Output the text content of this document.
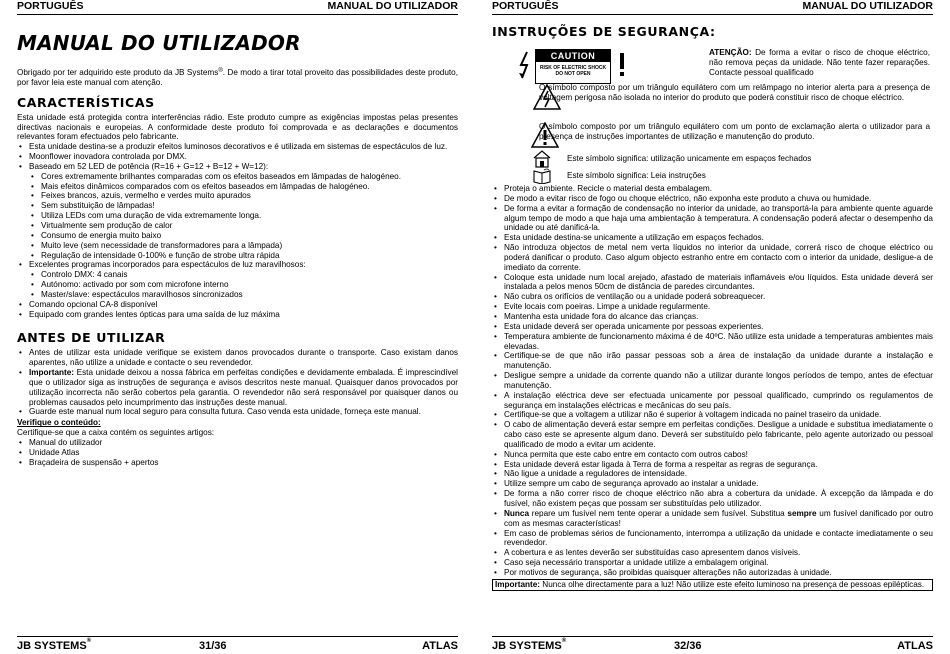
PORTUGUÊS	MANUAL DO UTILIZADOR
MANUAL DO UTILIZADOR

Obrigado por ter adquirido este produto da JB Systems®. De modo a tirar total proveito das possibilidades deste produto, por favor leia este manual com atenção.

CARACTERÍSTICAS

Esta unidade está protegida contra interferências rádio. Este produto cumpre as exigências impostas pelas presentes directivas nacionais e europeias. A conformidade deste produto foi comprovada e as declarações e documentos relevantes foram efectuados pelo fabricante.

• Esta unidade destina-se a produzir efeitos luminosos decorativos e é utilizada em sistemas de espectáculos de luz.
• Moonflower inovadora controlada por DMX.
• Baseado em 52 LED de potência (R=16 + G=12 + B=12 + W=12):
• Cores extremamente brilhantes comparadas com os efeitos baseados em lâmpadas de halogéneo.
• Mais efeitos dinâmicos comparados com os efeitos baseados em lâmpadas de halogéneo.
• Feixes brancos, azuis, vermelho e verdes muito apurados
• Sem substituição de lâmpadas!
• Utiliza LEDs com uma duração de vida extremamente longa.
• Virtualmente sem produção de calor
• Consumo de energia muito baixo
• Muito leve (sem necessidade de transformadores para a lâmpada)
• Regulação de intensidade 0-100% e função de strobe ultra rápida
• Excelentes programas incorporados para espectáculos de luz maravilhosos:
• Controlo DMX: 4 canais
• Autónomo: activado por som com microfone interno
• Master/slave: espectáculos maravilhosos sincronizados
• Comando opcional CA-8 disponível
• Equipado com grandes lentes ópticas para uma saída de luz máxima
ANTES DE UTILIZAR
• Antes de utilizar esta unidade verifique se existem danos provocados durante o transporte. Caso existam danos aparentes, não utilize a unidade e contacte o seu revendedor.
• Importante: Esta unidade deixou a nossa fábrica em perfeitas condições e devidamente embalada. É imprescindível que o utilizador siga as instruções de segurança e avisos descritos neste manual. Quaisquer danos provocados por utilização incorrecta não serão cobertos pela garantia. O revendedor não será responsável por quaisquer danos ou problemas causados pelo incumprimento das instruções deste manual.
• Guarde este manual num local seguro para consulta futura. Caso venda esta unidade, forneça este manual.
Verifique o conteúdo:

Certifique-se que a caixa contém os seguintes artigos:

• Manual do utilizador
• Unidade Atlas
• Braçadeira de suspensão + apertos
JB SYSTEMS®	31/36	ATLAS
PORTUGUÊS	MANUAL DO UTILIZADOR
INSTRUÇÕES DE SEGURANÇA:
CAUTION
RISK OF ELECTRIC SHOCK
DO NOT OPEN
ATENÇÃO: De forma a evitar o risco de choque eléctrico, não remova peças da unidade. Não tente fazer reparações. Contacte pessoal qualificado
O símbolo composto por um triângulo equilátero com um relâmpago no interior alerta para a presença de voltagem perigosa não isolada no interior do produto que poderá constituir risco de choque eléctrico.
O símbolo composto por um triângulo equilátero com um ponto de exclamação alerta o utilizador para a presença de instruções importantes de utilização e manutenção do produto.
Este símbolo significa: utilização unicamente em espaços fechados
Este símbolo significa: Leia instruções
• Proteja o ambiente. Recicle o material desta embalagem.
• De modo a evitar risco de fogo ou choque eléctrico, não exponha este produto a chuva ou humidade.
• De forma a evitar a formação de condensação no interior da unidade, ao transportá-la para ambiente quente aguarde algum tempo de modo a que haja uma ambientação à temperatura. A condensação poderá afectar o desempenho da unidade ou até danificá-la.
• Esta unidade destina-se unicamente a utilização em espaços fechados.
• Não introduza objectos de metal nem verta líquidos no interior da unidade, correrá risco de choque eléctrico ou poderá danificar o produto. Caso algum objecto estranho entre em contacto com o interior da unidade, desligue-a de imediato da corrente.
• Coloque esta unidade num local arejado, afastado de materiais inflamáveis e/ou líquidos. Esta unidade deverá ser instalada a pelos menos 50cm de distância de paredes circundantes.
• Não cubra os orifícios de ventilação ou a unidade poderá sobreaquecer.
• Evite locais com poeiras. Limpe a unidade regularmente.
• Mantenha esta unidade fora do alcance das crianças.
• Esta unidade deverá ser operada unicamente por pessoas experientes.
• Temperatura ambiente de funcionamento máxima é de 40ºC. Não utilize esta unidade a temperaturas ambientes mais elevadas.
• Certifique-se de que não irão passar pessoas sob a área de instalação da unidade durante a instalação e manutenção.
• Desligue sempre a unidade da corrente quando não a utilizar durante longos períodos de tempo, antes de efectuar manutenção.
• A instalação eléctrica deve ser efectuada unicamente por pessoal qualificado, cumprindo os regulamentos de segurança em instalações eléctricas e mecânicas do seu país.
• Certifique-se que a voltagem a utilizar não é superior à voltagem indicada no painel traseiro da unidade.
• O cabo de alimentação deverá estar sempre em perfeitas condições. Desligue a unidade e substitua imediatamente o cabo caso este se apresente algum dano. Deverá ser substituído pelo fabricante, pelo agente autorizado ou pessoal qualificado de modo a evitar um acidente.
• Nunca permita que este cabo entre em contacto com outros cabos!
• Esta unidade deverá estar ligada à Terra de forma a respeitar as regras de segurança.
• Não ligue a unidade a reguladores de intensidade.
• Utilize sempre um cabo de segurança aprovado ao instalar a unidade.
• De forma a não correr risco de choque eléctrico não abra a cobertura da unidade. À excepção da lâmpada e do fusível, não existem peças que possam ser substituídas pelo utilizador.
• Nunca repare um fusível nem tente operar a unidade sem fusível. Substitua sempre um fusível danificado por outro com as mesmas características!
• Em caso de problemas sérios de funcionamento, interrompa a utilização da unidade e contacte imediatamente o seu revendedor.
• A cobertura e as lentes deverão ser substituídas caso apresentem danos visíveis.
• Caso seja necessário transportar a unidade utilize a embalagem original.
• Por motivos de segurança, são proibidas quaisquer alterações não autorizadas à unidade.
Importante: Nunca olhe directamente para a luz! Não utilize este efeito luminoso na presença de pessoas epilépticas.
JB SYSTEMS®	32/36	ATLAS
